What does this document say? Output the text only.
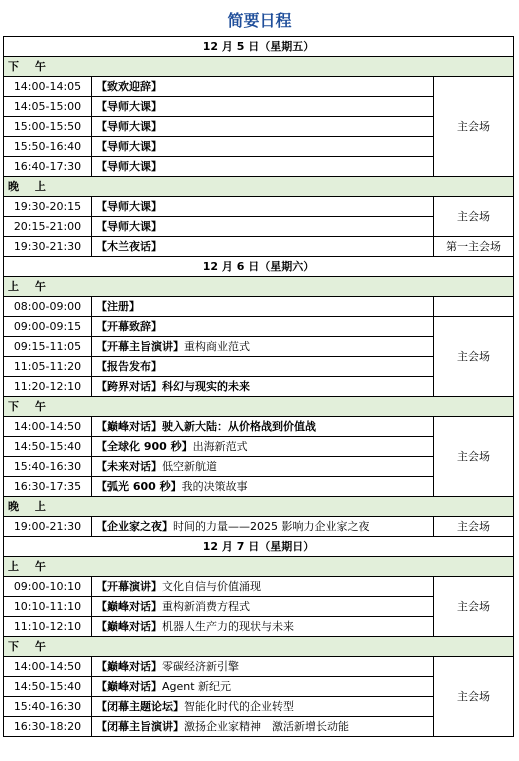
简要日程
12 月 5 日（星期五）		
下 午		
14:00-14:05	【致欢迎辞】	主会场
14:05-15:00	【导师大课】	
15:00-15:50	【导师大课】	
15:50-16:40	【导师大课】	
16:40-17:30	【导师大课】	
晚 上		
19:30-20:15	【导师大课】	主会场
20:15-21:00	【导师大课】	
19:30-21:30	【木兰夜话】	第一主会场
12 月 6 日（星期六）		
上 午		
08:00-09:00	【注册】	
09:00-09:15	【开幕致辞】	主会场
09:15-11:05	【开幕主旨演讲】重构商业范式	
11:05-11:20	【报告发布】	
11:20-12:10	【跨界对话】科幻与现实的未来	
下 午		
14:00-14:50	【巅峰对话】驶入新大陆：从价格战到价值战	主会场
14:50-15:40	【全球化 900 秒】出海新范式	
15:40-16:30	【未来对话】低空新航道	
16:30-17:35	【弧光 600 秒】我的决策故事	
晚 上		
19:00-21:30	【企业家之夜】时间的力量——2025 影响力企业家之夜	主会场
12 月 7 日（星期日）		
上 午		
09:00-10:10	【开幕演讲】文化自信与价值涌现	主会场
10:10-11:10	【巅峰对话】重构新消费方程式	
11:10-12:10	【巅峰对话】机器人生产力的现状与未来	
下 午		
14:00-14:50	【巅峰对话】零碳经济新引擎	主会场
14:50-15:40	【巅峰对话】Agent 新纪元	
15:40-16:30	【闭幕主题论坛】智能化时代的企业转型	
16:30-18:20	【闭幕主旨演讲】激扬企业家精神　激活新增长动能	
